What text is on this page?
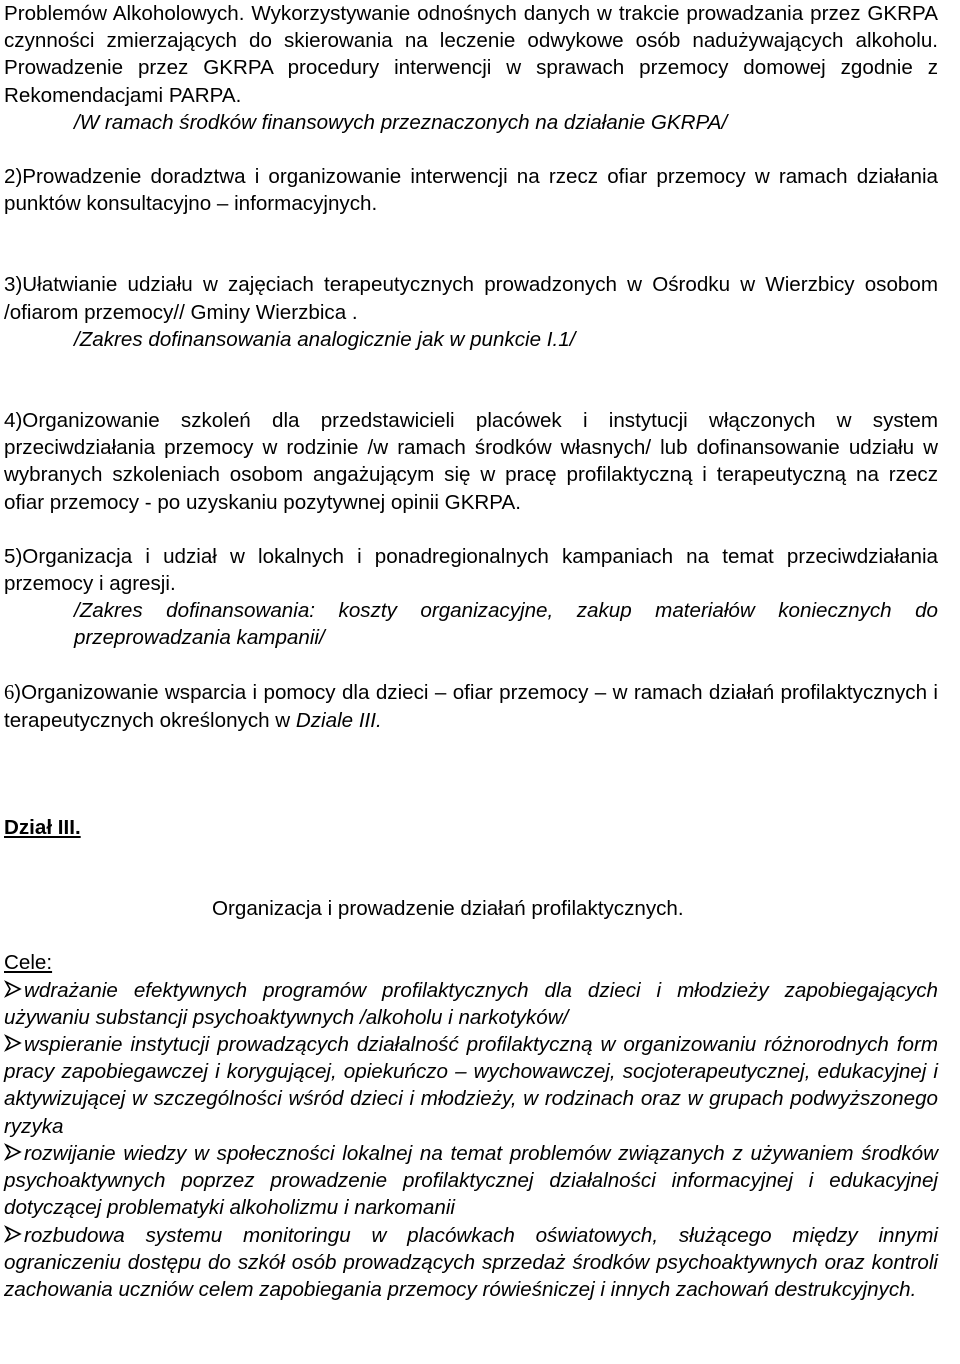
Problemów Alkoholowych. Wykorzystywanie odnośnych danych w trakcie prowadzania przez GKRPA czynności zmierzających do skierowania na leczenie odwykowe osób nadużywających alkoholu. Prowadzenie przez GKRPA procedury interwencji w sprawach przemocy domowej zgodnie z Rekomendacjami PARPA.

/W ramach środków finansowych przeznaczonych na działanie GKRPA/

2)Prowadzenie doradztwa i organizowanie interwencji na rzecz ofiar przemocy w ramach działania punktów konsultacyjno – informacyjnych.

3)Ułatwianie udziału w zajęciach terapeutycznych prowadzonych w Ośrodku w Wierzbicy osobom /ofiarom przemocy// Gminy Wierzbica .

/Zakres dofinansowania analogicznie jak w punkcie I.1/

4)Organizowanie szkoleń dla przedstawicieli placówek i instytucji włączonych w system przeciwdziałania przemocy w rodzinie /w ramach środków własnych/ lub dofinansowanie udziału w wybranych szkoleniach osobom angażującym się w pracę profilaktyczną i terapeutyczną na rzecz ofiar przemocy - po uzyskaniu pozytywnej opinii GKRPA.

5)Organizacja i udział w lokalnych i ponadregionalnych kampaniach na temat przeciwdziałania przemocy i agresji.

/Zakres dofinansowania: koszty organizacyjne, zakup materiałów koniecznych do przeprowadzania kampanii/

6)Organizowanie wsparcia i pomocy dla dzieci – ofiar przemocy – w ramach działań profilaktycznych i terapeutycznych określonych w Dziale III.

Dział III.

Organizacja i prowadzenie działań profilaktycznych.

Cele:

wdrażanie efektywnych programów profilaktycznych dla dzieci i młodzieży zapobiegających używaniu substancji psychoaktywnych /alkoholu i narkotyków/

wspieranie instytucji prowadzących działalność profilaktyczną w organizowaniu różnorodnych form pracy zapobiegawczej i korygującej, opiekuńczo – wychowawczej, socjoterapeutycznej, edukacyjnej i aktywizującej w szczególności wśród dzieci i młodzieży, w rodzinach oraz w grupach podwyższonego ryzyka

rozwijanie wiedzy w społeczności lokalnej na temat problemów związanych z używaniem środków psychoaktywnych poprzez prowadzenie profilaktycznej działalności informacyjnej i edukacyjnej dotyczącej problematyki alkoholizmu i narkomanii

rozbudowa systemu monitoringu w placówkach oświatowych, służącego między innymi ograniczeniu dostępu do szkół osób prowadzących sprzedaż środków psychoaktywnych oraz kontroli zachowania uczniów celem zapobiegania przemocy rówieśniczej i innych zachowań destrukcyjnych.
